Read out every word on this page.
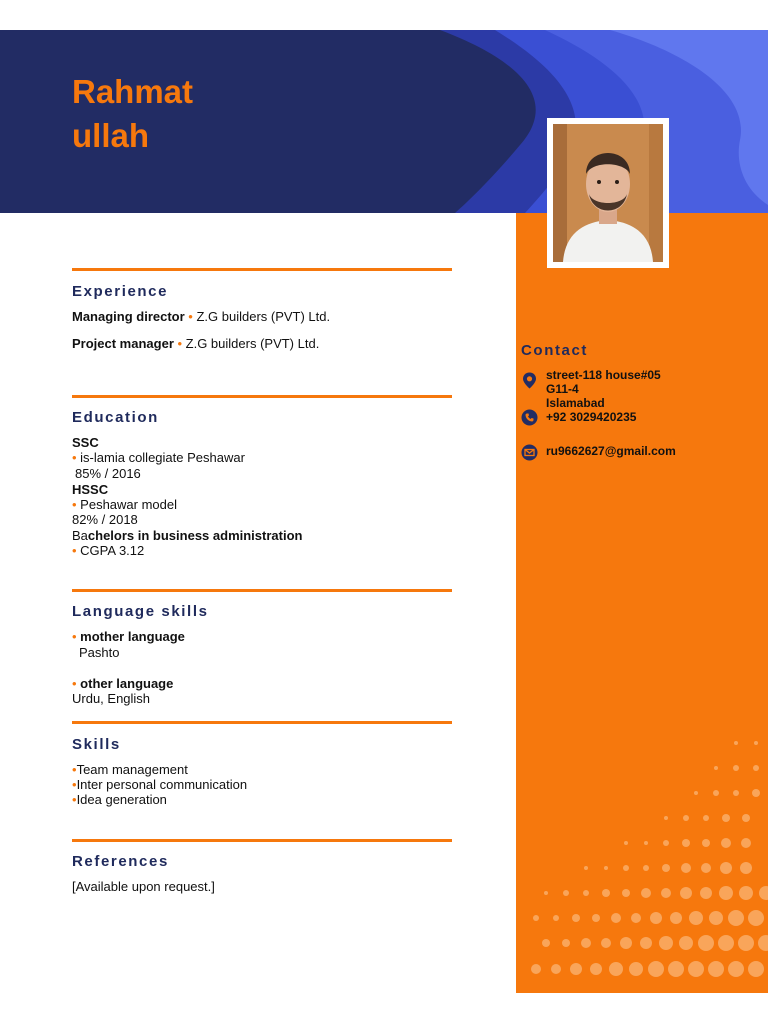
Rahmat
ullah
Experience
Managing director • Z.G builders (PVT) Ltd.
Project manager • Z.G builders (PVT) Ltd.
Education
SSC
• is-lamia collegiate Peshawar
85% / 2016
HSSC
• Peshawar model
82% / 2018
Bachelors in business administration
• CGPA 3.12
Language skills
• mother language
Pashto
• other language
Urdu, English
Skills
•Team management
•Inter personal communication
•Idea generation
References
[Available upon request.]
Contact
street-118 house#05
G11-4
Islamabad
+92 3029420235
ru9662627@gmail.com
